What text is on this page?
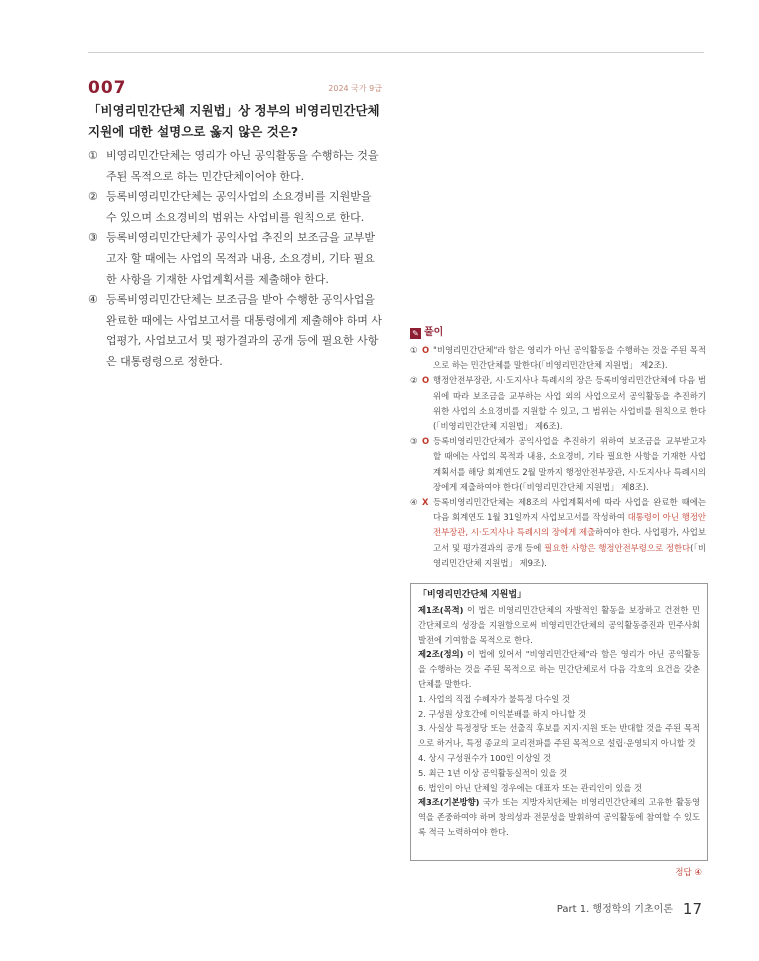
007	2024 국가 9급
「비영리민간단체 지원법」상 정부의 비영리민간단체 지원에 대한 설명으로 옳지 않은 것은?
① 비영리민간단체는 영리가 아닌 공익활동을 수행하는 것을 주된 목적으로 하는 민간단체이어야 한다.
② 등록비영리민간단체는 공익사업의 소요경비를 지원받을 수 있으며 소요경비의 범위는 사업비를 원칙으로 한다.
③ 등록비영리민간단체가 공익사업 추진의 보조금을 교부받고자 할 때에는 사업의 목적과 내용, 소요경비, 기타 필요한 사항을 기재한 사업계획서를 제출해야 한다.
④ 등록비영리민간단체는 보조금을 받아 수행한 공익사업을 완료한 때에는 사업보고서를 대통령에게 제출해야 하며 사업평가, 사업보고서 및 평가결과의 공개 등에 필요한 사항은 대통령령으로 정한다.
✎ 풀이
① O "비영리민간단체"라 함은 영리가 아닌 공익활동을 수행하는 것을 주된 목적으로 하는 민간단체를 말한다(「비영리민간단체 지원법」 제2조).
② O 행정안전부장관, 시·도지사나 특례시의 장은 등록비영리민간단체에 다음 범위에 따라 보조금을 교부하는 사업 외의 사업으로서 공익활동을 추진하기 위한 사업의 소요경비를 지원할 수 있고, 그 범위는 사업비를 원칙으로 한다(「비영리민간단체 지원법」 제6조).
③ O 등록비영리민간단체가 공익사업을 추진하기 위하여 보조금을 교부받고자 할 때에는 사업의 목적과 내용, 소요경비, 기타 필요한 사항을 기재한 사업계획서를 해당 회계연도 2월 말까지 행정안전부장관, 시·도지사나 특례시의 장에게 제출하여야 한다(「비영리민간단체 지원법」 제8조).
④ X 등록비영리민간단체는 제8조의 사업계획서에 따라 사업을 완료한 때에는 다음 회계연도 1월 31일까지 사업보고서를 작성하여 대통령이 아닌 행정안전부장관, 시·도지사나 특례시의 장에게 제출하여야 한다. 사업평가, 사업보고서 및 평가결과의 공개 등에 필요한 사항은 행정안전부령으로 정한다(「비영리민간단체 지원법」 제9조).
「비영리민간단체 지원법」
제1조(목적) 이 법은 비영리민간단체의 자발적인 활동을 보장하고 건전한 민간단체로의 성장을 지원함으로써 비영리민간단체의 공익활동증진과 민주사회발전에 기여함을 목적으로 한다.
제2조(정의) 이 법에 있어서 "비영리민간단체"라 함은 영리가 아닌 공익활동을 수행하는 것을 주된 목적으로 하는 민간단체로서 다음 각호의 요건을 갖춘 단체를 말한다.
1. 사업의 직접 수혜자가 불특정 다수일 것
2. 구성원 상호간에 이익분배를 하지 아니할 것
3. 사실상 특정정당 또는 선출직 후보를 지지·지원 또는 반대할 것을 주된 목적으로 하거나, 특정 종교의 교리전파를 주된 목적으로 설립·운영되지 아니할 것
4. 상시 구성원수가 100인 이상일 것
5. 최근 1년 이상 공익활동실적이 있을 것
6. 법인이 아닌 단체일 경우에는 대표자 또는 관리인이 있을 것
제3조(기본방향) 국가 또는 지방자치단체는 비영리민간단체의 고유한 활동영역을 존중하여야 하며 창의성과 전문성을 발휘하여 공익활동에 참여할 수 있도록 적극 노력하여야 한다.
정답 ④
Part 1. 행정학의 기초이론 17
